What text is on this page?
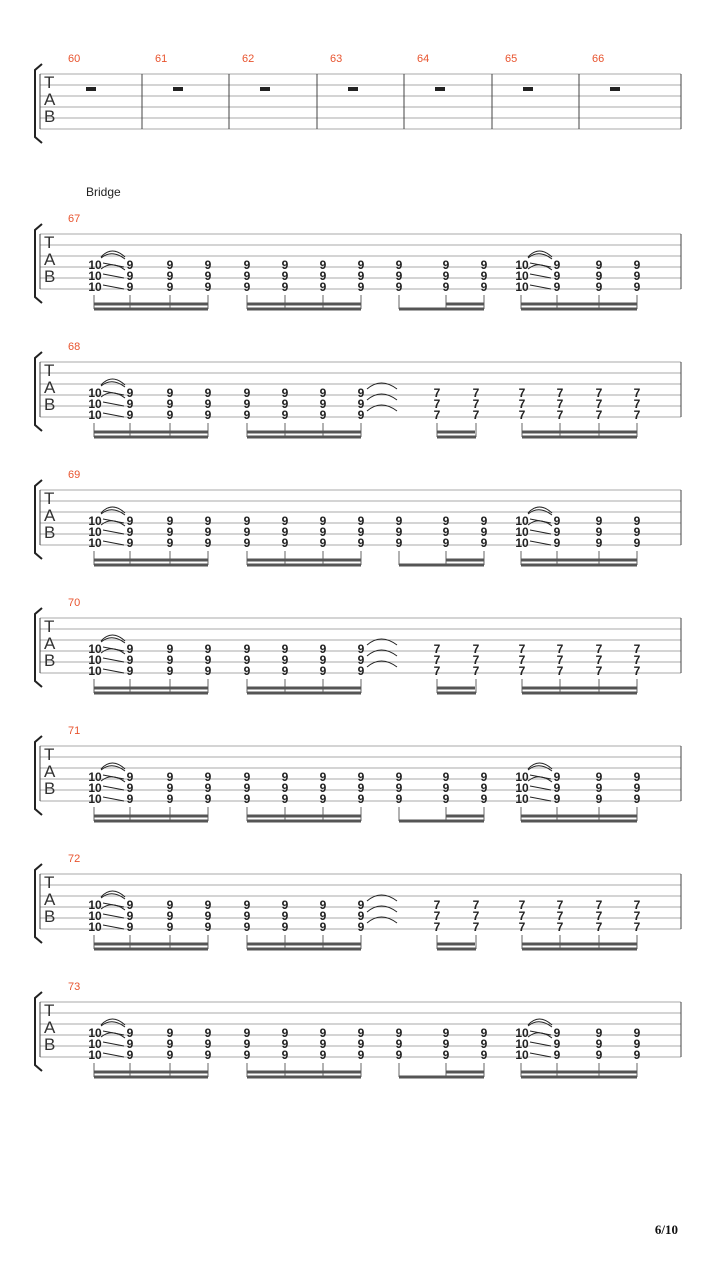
T
A
B
60	61	62	63	64	65	66
Bridge
T
A
B
67
9
9
9
9
9
9
9
9
9
9
9
9
9
9
9
9
9
9
9
9
9
9
9
9
9
9
9
9
9
9
9
9
9
9
9
9
9
9
9
10
10
10
10
10
10
T
A
B
68
9
9
9
9
9
9
9
9
9
9
9
9
9
9
9
9
9
9
9
9
9
7
7
7
7
7
7
7
7
7
7
7
7
7
7
7
7
7
7
10
10
10
T
A
B
69
9
9
9
9
9
9
9
9
9
9
9
9
9
9
9
9
9
9
9
9
9
9
9
9
9
9
9
9
9
9
9
9
9
9
9
9
9
9
9
10
10
10
10
10
10
T
A
B
70
9
9
9
9
9
9
9
9
9
9
9
9
9
9
9
9
9
9
9
9
9
7
7
7
7
7
7
7
7
7
7
7
7
7
7
7
7
7
7
10
10
10
T
A
B
71
9
9
9
9
9
9
9
9
9
9
9
9
9
9
9
9
9
9
9
9
9
9
9
9
9
9
9
9
9
9
9
9
9
9
9
9
9
9
9
10
10
10
10
10
10
T
A
B
72
9
9
9
9
9
9
9
9
9
9
9
9
9
9
9
9
9
9
9
9
9
7
7
7
7
7
7
7
7
7
7
7
7
7
7
7
7
7
7
10
10
10
T
A
B
73
9
9
9
9
9
9
9
9
9
9
9
9
9
9
9
9
9
9
9
9
9
9
9
9
9
9
9
9
9
9
9
9
9
9
9
9
9
9
9
10
10
10
10
10
10
6/10
